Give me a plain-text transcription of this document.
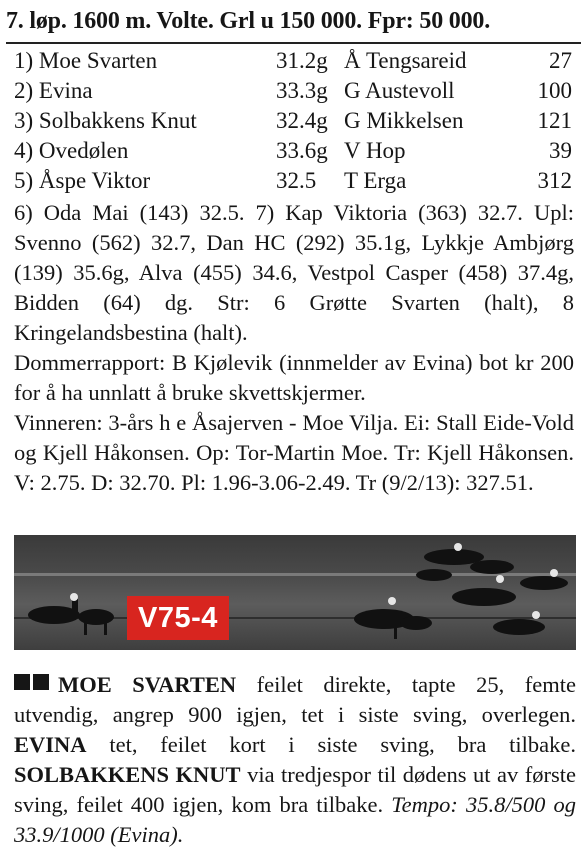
7. løp. 1600 m. Volte. Grl u 150 000. Fpr: 50 000.
1) Moe Svarten	31.2g Å Tengsareid	27
2) Evina	33.3g G Austevoll	100
3) Solbakkens Knut	32.4g G Mikkelsen	121
4) Ovedølen	33.6g V Hop	39
5) Åspe Viktor	32.5 T Erga	312
6) Oda Mai (143) 32.5. 7) Kap Viktoria (363) 32.7. Upl: Svenno (562) 32.7, Dan HC (292) 35.1g, Lykkje Ambjørg (139) 35.6g, Alva (455) 34.6, Vestpol Casper (458) 37.4g, Bidden (64) dg. Str: 6 Grøtte Svarten (halt), 8 Kringelandsbestina (halt).
Dommerrapport: B Kjølevik (innmelder av Evina) bot kr 200 for å ha unnlatt å bruke skvettskjermer.
Vinneren: 3-års h e Åsajerven - Moe Vilja. Ei: Stall Eide-Vold og Kjell Håkonsen. Op: Tor-Martin Moe. Tr: Kjell Håkonsen. V: 2.75. D: 32.70. Pl: 1.96-3.06-2.49. Tr (9/2/13): 327.51.
V75-4
MOE SVARTEN feilet direkte, tapte 25, femte utvendig, angrep 900 igjen, tet i siste sving, overlegen. EVINA tet, feilet kort i siste sving, bra tilbake. SOLBAKKENS KNUT via tredjespor til dødens ut av første sving, feilet 400 igjen, kom bra tilbake. Tempo: 35.8/500 og 33.9/1000 (Evina).
